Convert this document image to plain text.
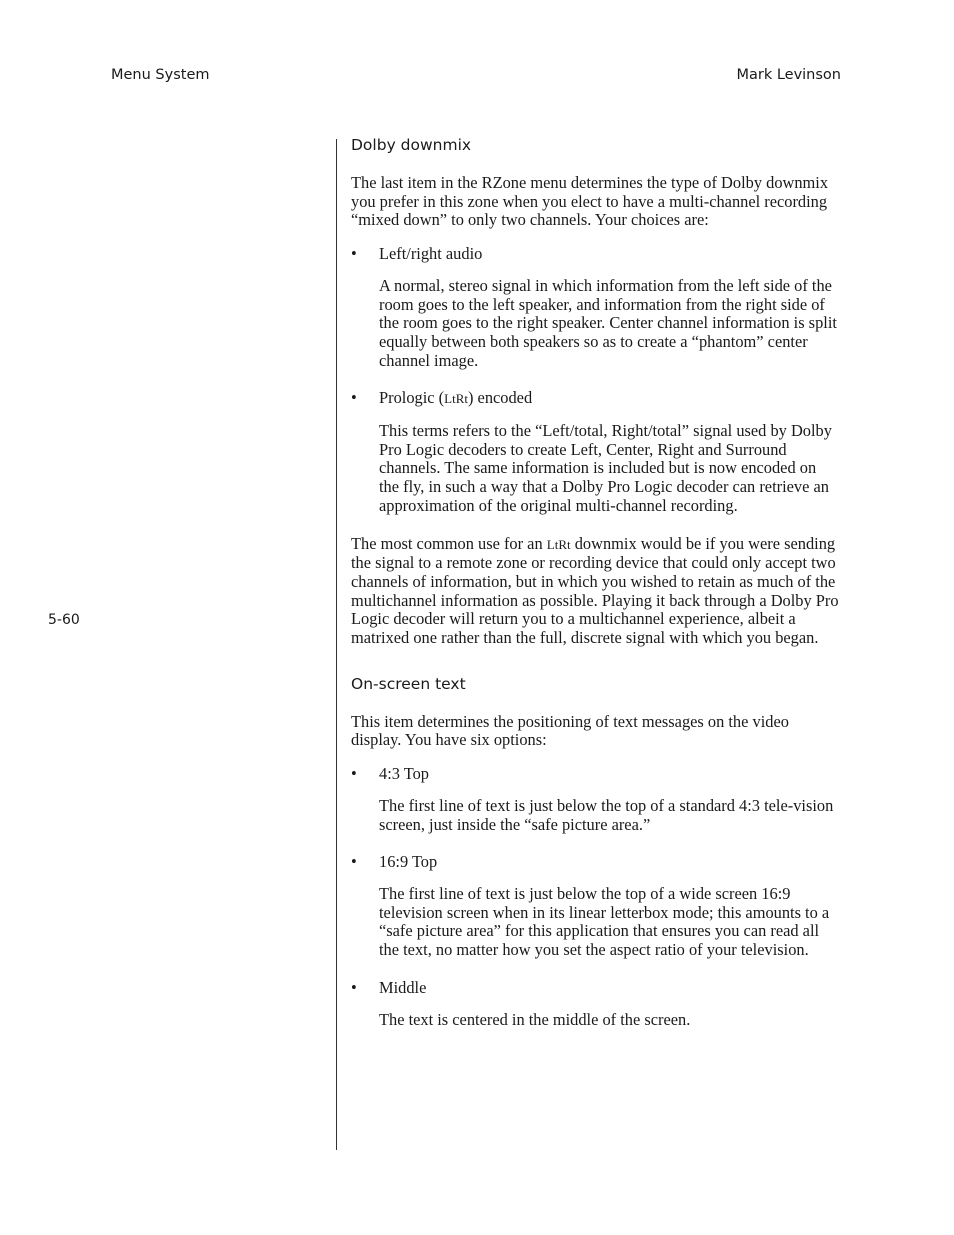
Menu System	Mark Levinson
5-60
Dolby downmix

The last item in the RZone menu determines the type of Dolby downmix you prefer in this zone when you elect to have a multi-channel recording “mixed down” to only two channels. Your choices are:

• Left/right audio

A normal, stereo signal in which information from the left side of the room goes to the left speaker, and information from the right side of the room goes to the right speaker. Center channel information is split equally between both speakers so as to create a “phantom” center channel image.

• Prologic (LtRt) encoded

This terms refers to the “Left/total, Right/total” signal used by Dolby Pro Logic decoders to create Left, Center, Right and Surround channels. The same information is included but is now encoded on the fly, in such a way that a Dolby Pro Logic decoder can retrieve an approximation of the original multi-channel recording.

The most common use for an LtRt downmix would be if you were sending the signal to a remote zone or recording device that could only accept two channels of information, but in which you wished to retain as much of the multichannel information as possible. Playing it back through a Dolby Pro Logic decoder will return you to a multichannel experience, albeit a matrixed one rather than the full, discrete signal with which you began.

On-screen text

This item determines the positioning of text messages on the video display. You have six options:

• 4:3 Top

The first line of text is just below the top of a standard 4:3 tele-vision screen, just inside the “safe picture area.”

• 16:9 Top

The first line of text is just below the top of a wide screen 16:9 television screen when in its linear letterbox mode; this amounts to a “safe picture area” for this application that ensures you can read all the text, no matter how you set the aspect ratio of your television.

• Middle

The text is centered in the middle of the screen.
